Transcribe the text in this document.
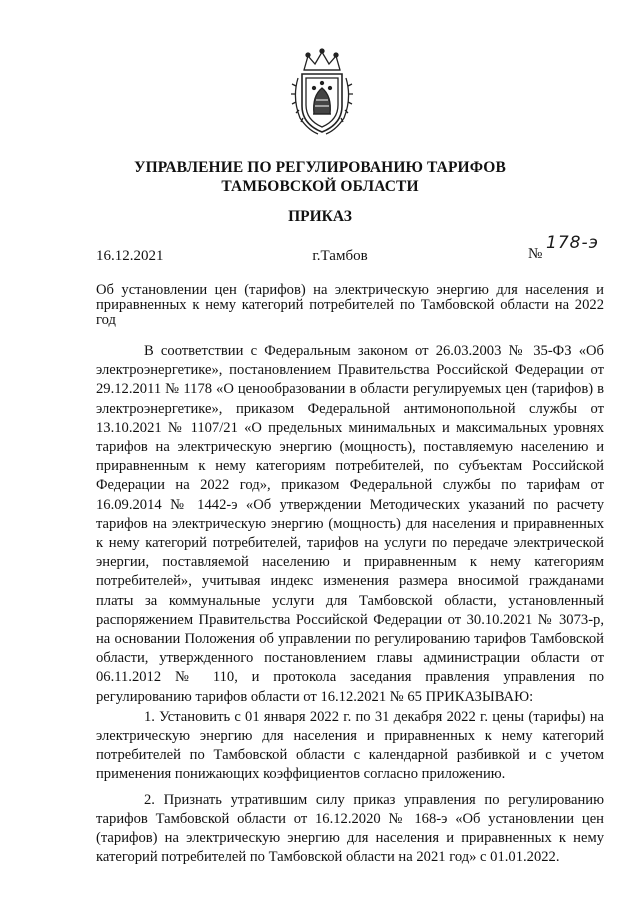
УПРАВЛЕНИЕ ПО РЕГУЛИРОВАНИЮ ТАРИФОВ
ТАМБОВСКОЙ ОБЛАСТИ
ПРИКАЗ
16.12.2021	г.Тамбов	№
178-э
Об установлении цен (тарифов) на электрическую энергию для населения и приравненных к нему категорий потребителей по Тамбовской области на 2022 год

В соответствии с Федеральным законом от 26.03.2003 № 35-ФЗ «Об электроэнергетике», постановлением Правительства Российской Федерации от 29.12.2011 № 1178 «О ценообразовании в области регулируемых цен (тарифов) в электроэнергетике», приказом Федеральной антимонопольной службы от 13.10.2021 № 1107/21 «О предельных минимальных и максимальных уровнях тарифов на электрическую энергию (мощность), поставляемую населению и приравненным к нему категориям потребителей, по субъектам Российской Федерации на 2022 год», приказом Федеральной службы по тарифам от 16.09.2014 № 1442-э «Об утверждении Методических указаний по расчету тарифов на электрическую энергию (мощность) для населения и приравненных к нему категорий потребителей, тарифов на услуги по передаче электрической энергии, поставляемой населению и приравненным к нему категориям потребителей», учитывая индекс изменения размера вносимой гражданами платы за коммунальные услуги для Тамбовской области, установленный распоряжением Правительства Российской Федерации от 30.10.2021 № 3073-р, на основании Положения об управлении по регулированию тарифов Тамбовской области, утвержденного постановлением главы администрации области от 06.11.2012 № 110, и протокола заседания правления управления по регулированию тарифов области от 16.12.2021 № 65 ПРИКАЗЫВАЮ:

1. Установить с 01 января 2022 г. по 31 декабря 2022 г. цены (тарифы) на электрическую энергию для населения и приравненных к нему категорий потребителей по Тамбовской области с календарной разбивкой и с учетом применения понижающих коэффициентов согласно приложению.

2. Признать утратившим силу приказ управления по регулированию тарифов Тамбовской области от 16.12.2020 № 168-э «Об установлении цен (тарифов) на электрическую энергию для населения и приравненных к нему категорий потребителей по Тамбовской области на 2021 год» с 01.01.2022.
